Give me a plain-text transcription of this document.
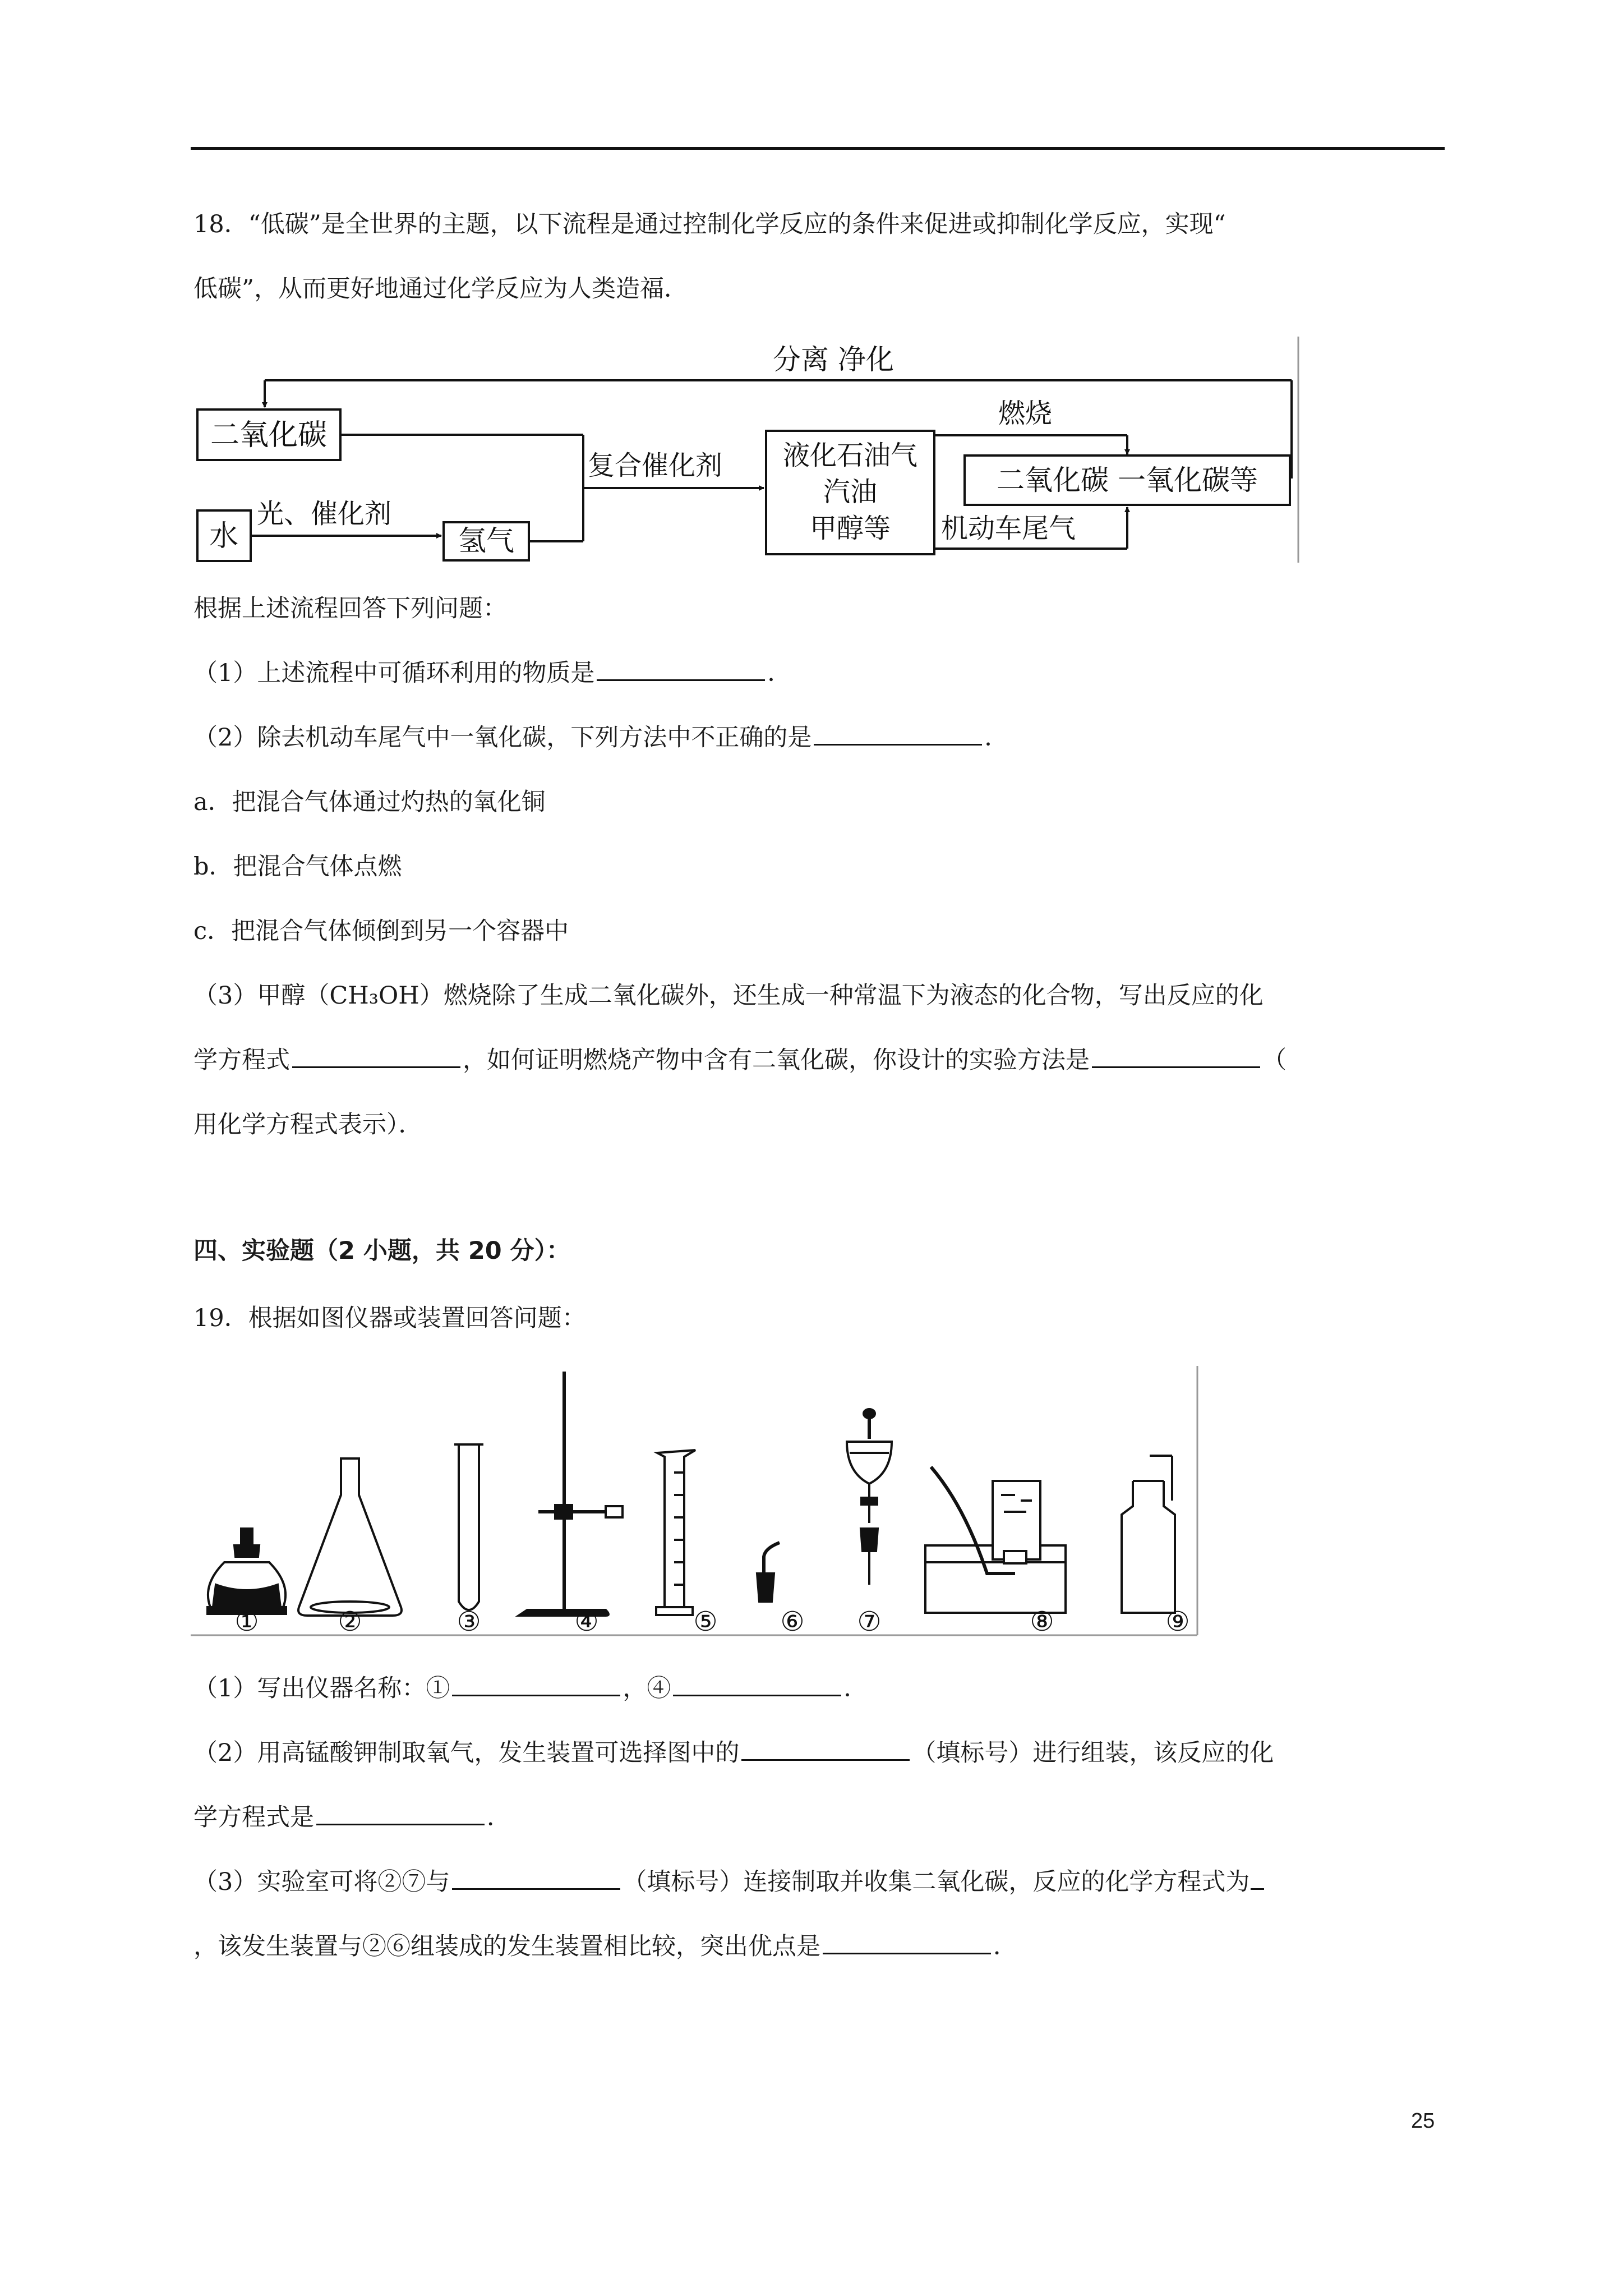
18．“低碳”是全世界的主题，以下流程是通过控制化学反应的条件来促进或抑制化学反应，实现“
低碳”，从而更好地通过化学反应为人类造福．
分离 净化
二氧化碳
水
光、催化剂
氢气
复合催化剂 液化石油气
汽油
甲醇等
燃烧
二氧化碳 一氧化碳等
机动车尾气
根据上述流程回答下列问题：
（1）上述流程中可循环利用的物质是	．
（2）除去机动车尾气中一氧化碳，下列方法中不正确的是	．
a．把混合气体通过灼热的氧化铜
b．把混合气体点燃
c．把混合气体倾倒到另一个容器中
（3）甲醇（CH₃OH）燃烧除了生成二氧化碳外，还生成一种常温下为液态的化合物，写出反应的化
学方程式	，如何证明燃烧产物中含有二氧化碳，你设计的实验方法是	（
用化学方程式表示）．
四、实验题（2 小题，共 20 分）：
19．根据如图仪器或装置回答问题：
①	②	③	④	⑤ ⑥ ⑦	⑧	⑨
（1）写出仪器名称：①	，④	．
（2）用高锰酸钾制取氧气，发生装置可选择图中的	（填标号）进行组装，该反应的化
学方程式是	．
（3）实验室可将②⑦与	（填标号）连接制取并收集二氧化碳，反应的化学方程式为
，该发生装置与②⑥组装成的发生装置相比较，突出优点是	．
25
